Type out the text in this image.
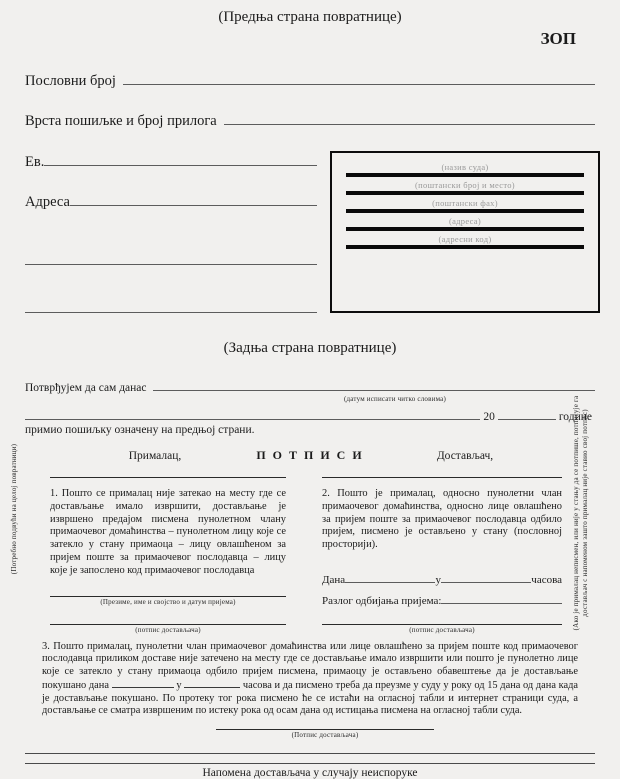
(Предња страна повратнице)
ЗОП
Пословни број
Врста пошиљке и број прилога
Ев.
Адреса
(назив суда)
(поштански број и место)
(поштански фах)
(адреса)
(адресни код)
(Задња страна повратнице)
Потврђујем да сам данас
(датум исписати читко словима)
20	године
примио пошиљку означену на предњој страни.
Прималац,	П О Т П И С И	Достављач,

1. Пошто се прималац није затекао на месту где се достављање имало извршити, достављање је извршено предајом писмена пунолетном члану примаочевог домаћинства – пунолетном лицу које се затекло у стану примаоца – лицу овлашћеном за пријем поште за примаочевог послодавца – лицу које је запослено код примаочевог послодавца

(Презиме, име и својство и датум пријема)
(потпис достављача)

2. Пошто је прималац, односно пунолетни члан примаочевог домаћинства, односно лице овлашћено за пријем поште за примаочевог послодавца одбило пријем, писмено је остављено у стану (пословној просторији).

Дана	у	часова
Разлог одбијања пријема:
(потпис достављача)

3. Пошто прималац, пунолетни члан примаочевог домаћинства или лице овлашћено за пријем поште код примаочевог послодавца приликом доставе није затечено на месту где се достављање имало извршити или пошто је пунолетно лице које се затекло у стану примаоца одбило пријем писмена, примаоцу је остављено обавештење да је достављање покушано дана	у	часова и да писмено треба да преузме у суду у року од 15 дана од дана када је достављање покушано. По протеку тог рока писмено ће се истаћи на огласној табли и интернет страници суда, а достављање се сматра извршеним по истеку рока од осам дана од истицања писмена на огласној табли суда.

(Потпис достављача)
Напомена достављача у случају неиспоруке
(Потребно подвући на целој повратници)	(Ако је прималац неписмен, или није у стању да се потпише, потписује га достављач с напоменом зашто прималац није ставио свој потпис)
